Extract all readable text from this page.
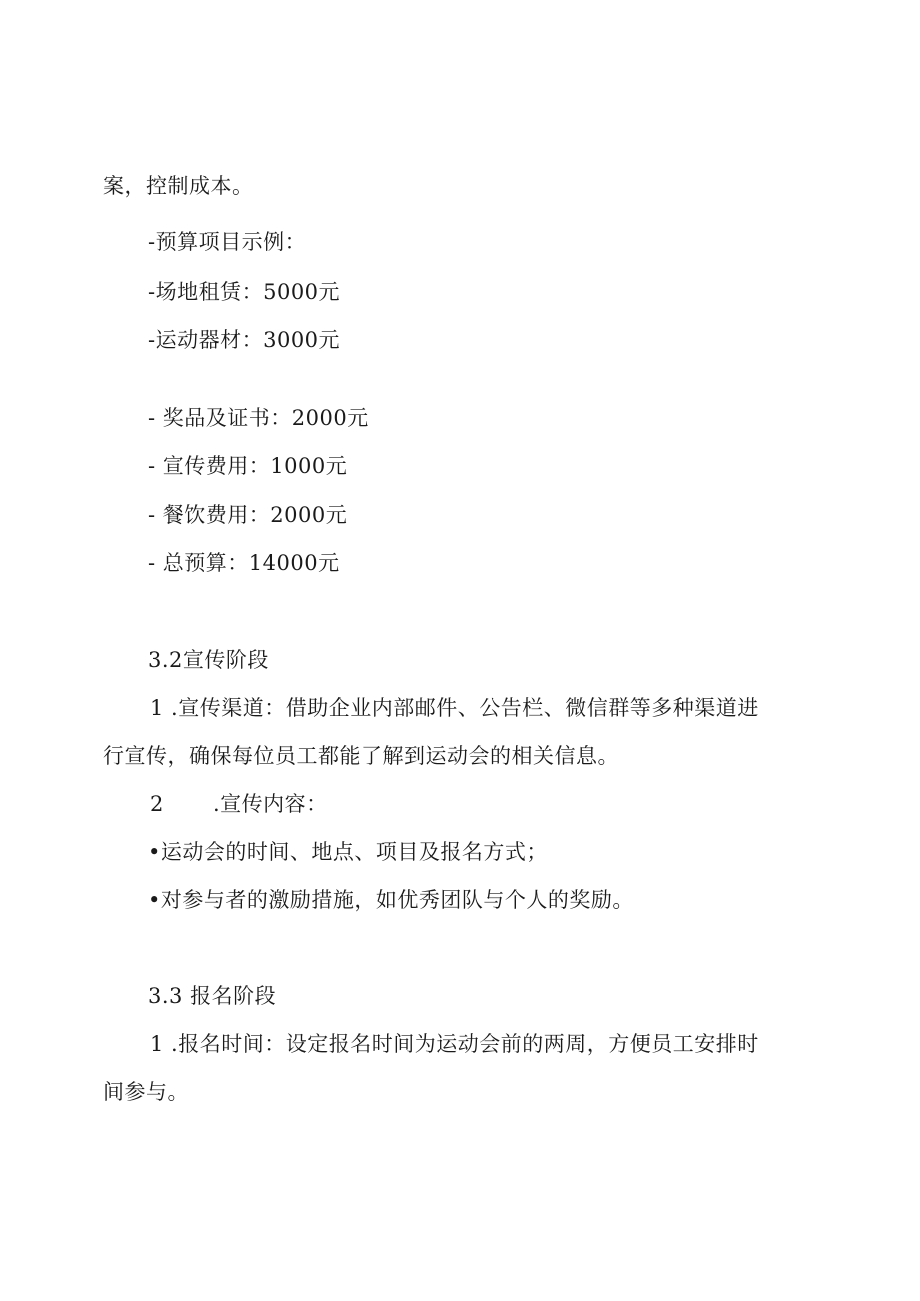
案，控制成本。
-预算项目示例：
-场地租赁：5000元
-运动器材：3000元
- 奖品及证书：2000元
- 宣传费用：1000元
- 餐饮费用：2000元
- 总预算：14000元
3.2宣传阶段
1 .宣传渠道：借助企业内部邮件、公告栏、微信群等多种渠道进
行宣传，确保每位员工都能了解到运动会的相关信息。
2 .宣传内容：
•运动会的时间、地点、项目及报名方式；
•对参与者的激励措施，如优秀团队与个人的奖励。
3.3 报名阶段
1 .报名时间：设定报名时间为运动会前的两周，方便员工安排时
间参与。
